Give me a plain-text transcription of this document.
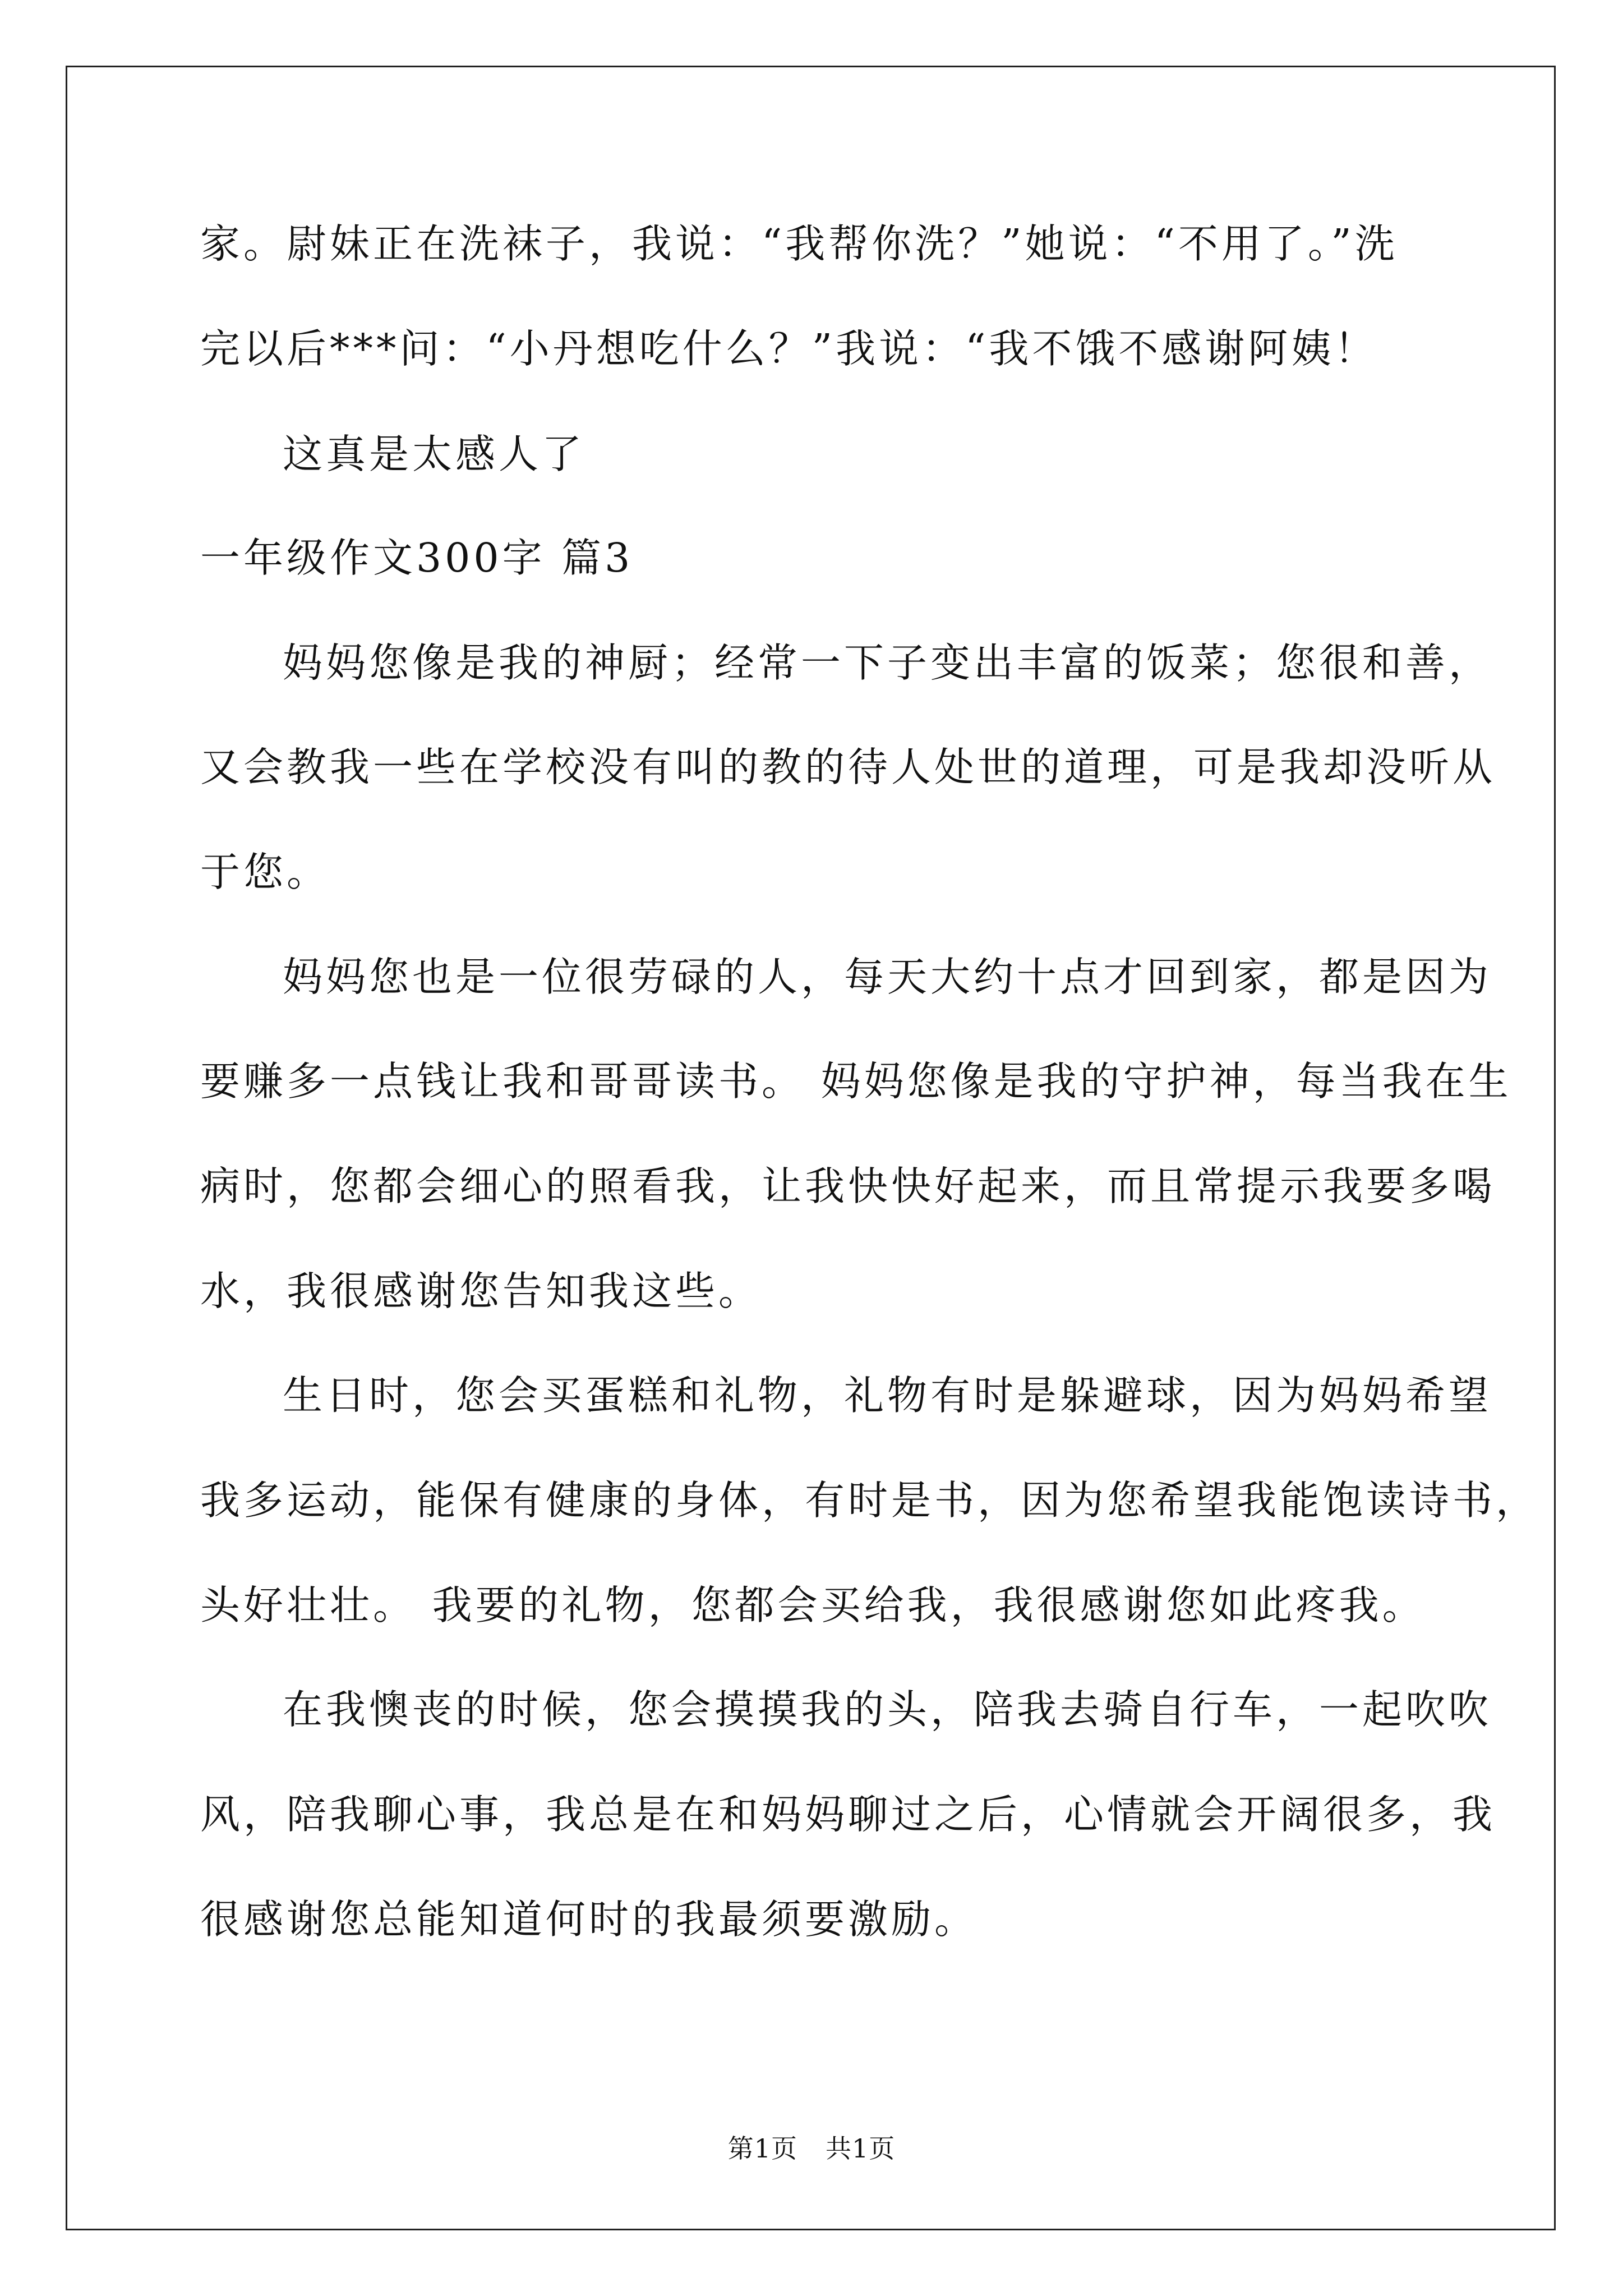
家。尉妹正在洗袜子，我说：“我帮你洗？”她说：“不用了。”洗
完以后***问：“小丹想吃什么？”我说：“我不饿不感谢阿姨！
这真是太感人了
一年级作文300字 篇3
妈妈您像是我的神厨；经常一下子变出丰富的饭菜；您很和善，
又会教我一些在学校没有叫的教的待人处世的道理，可是我却没听从
于您。
妈妈您也是一位很劳碌的人，每天大约十点才回到家，都是因为
要赚多一点钱让我和哥哥读书。 妈妈您像是我的守护神，每当我在生
病时，您都会细心的照看我，让我快快好起来，而且常提示我要多喝
水，我很感谢您告知我这些。
生日时，您会买蛋糕和礼物，礼物有时是躲避球，因为妈妈希望
我多运动，能保有健康的身体，有时是书，因为您希望我能饱读诗书，
头好壮壮。 我要的礼物，您都会买给我，我很感谢您如此疼我。
在我懊丧的时候，您会摸摸我的头，陪我去骑自行车，一起吹吹
风，陪我聊心事，我总是在和妈妈聊过之后，心情就会开阔很多，我
很感谢您总能知道何时的我最须要激励。
第1页 共1页
